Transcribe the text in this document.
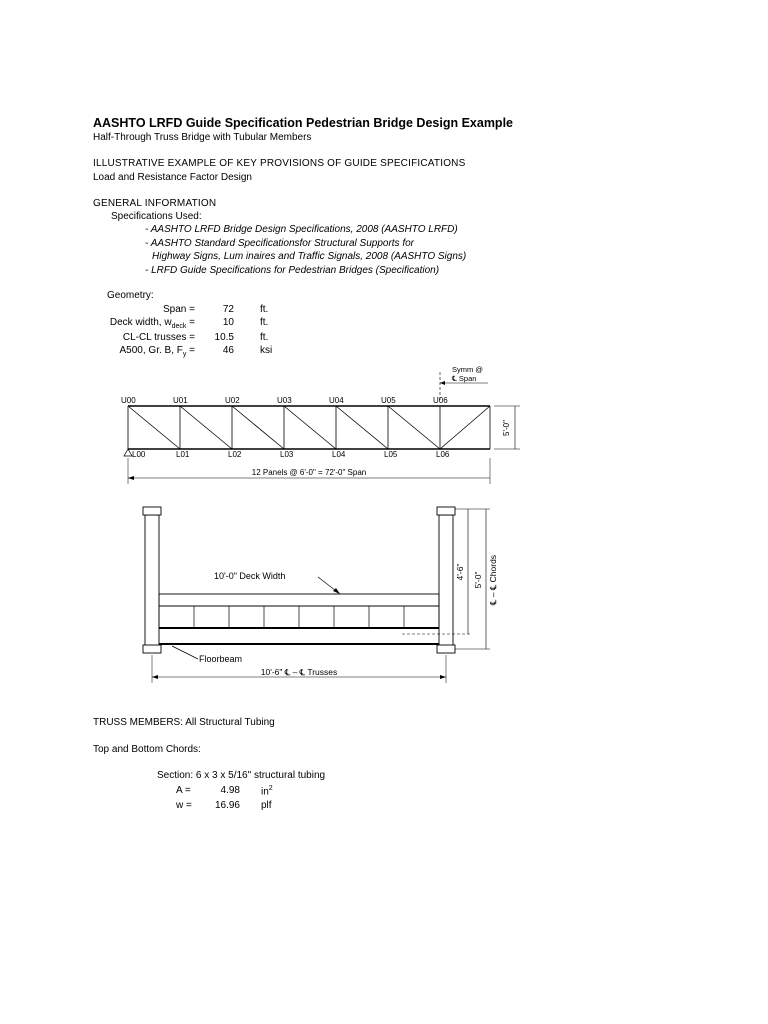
AASHTO LRFD Guide Specification Pedestrian Bridge Design Example
Half-Through Truss Bridge with Tubular Members
ILLUSTRATIVE EXAMPLE OF KEY PROVISIONS OF GUIDE SPECIFICATIONS
Load and Resistance Factor Design
GENERAL INFORMATION
Specifications Used:
- AASHTO LRFD Bridge Design Specifications, 2008 (AASHTO LRFD)
- AASHTO Standard Specificationsfor Structural Supports for
Highway Signs, Lum inaires and Traffic Signals, 2008 (AASHTO Signs)
- LRFD Guide Specifications for Pedestrian Bridges (Specification)
Geometry:
Span =	72	ft.
Deck width, $w_{deck}$ =	10	ft.
CL-CL trusses =	10.5	ft.
A500, Gr. B, $F_y$ =	46	ksi
Symm @
℄ Span
U00	U01	U02	U03	U04	U05	U06
L00	L01	L02	L03	L04	L05	L06
5'-0"
12 Panels @ 6'-0" = 72'-0" Span
10'-0" Deck Width
Floorbeam
10'-6" ℄ – ℄ Trusses
4'-6" 5'-0" ℄ – ℄ Chords
TRUSS MEMBERS: All Structural Tubing
Top and Bottom Chords:
Section: 6 x 3 x 5/16" structural tubing
A =	4.98 $in^2$
w =	16.96 plf
